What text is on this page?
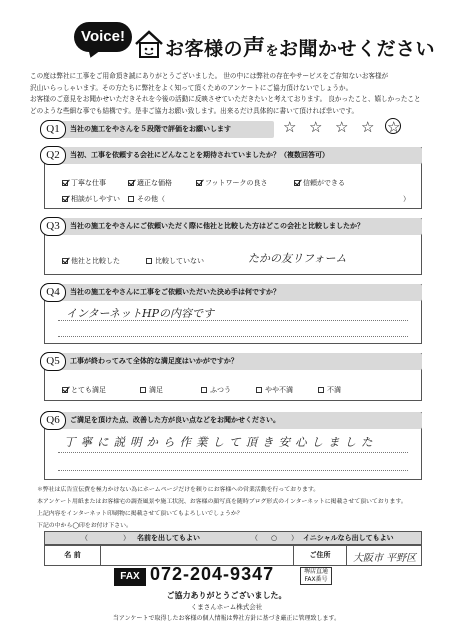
Voice!
お客様の声をお聞かせください
この度は弊社に工事をご用命頂き誠にありがとうございました。 世の中には弊社の存在やサービスをご存知ないお客様が
沢山いらっしゃいます。その方たちに弊社をよく知って頂くためのアンケートにご協力頂けないでしょうか。
お客様のご意見をお聞かせいただきそれを今後の活動に反映させていただきたいと考えております。 良かったこと、嬉しかったこと
どのような些細な事でも結構です。是非ご協力お願い致します。出来るだけ具体的に書いて頂ければ幸いです。
Q1	当社の施工をやさんを５段階で評価をお願いします	☆ ☆ ☆ ☆ ☆
Q2	当初、工事を依頼する会社にどんなことを期待されていましたか？（複数回答可）
丁寧な仕事	適正な価格	フットワークの良さ	信頼ができる
相談がしやすい	その他（	）
Q3	当社の施工をやさんにご依頼いただく際に他社と比較した方はどこの会社と比較しましたか？
他社と比較した	比較していない	たかの友リフォーム
Q4	当社の施工をやさんに工事をご依頼いただいた決め手は何ですか？
インターネットHPの内容です
Q5	工事が終わってみて全体的な満足度はいかがですか？
とても満足	満足	ふつう	やや不満	不満
Q6	ご満足を頂けた点、改善した方が良い点などをお聞かせください。
丁寧に説明から作業して頂き安心しました
＊弊社は広告宣伝費を極力かけない為にホームページだけを頼りにお客様への営業活動を行っております。
本アンケート用紙またはお客様宅の調査風景や施工状況、お客様の顔写真を随時ブログ形式のインターネットに掲載させて頂いております。
上記内容をインターネット印刷物に掲載させて頂いてもよろしいでしょうか？
下記の中から◯印をお付け下さい。
（	） 名前を出してもよい	（ ○ ） イニシャルなら出してもよい
名 前	ご住所	大阪市 平野区
FAX 072-204-9347	堺店直通
FAX番号
ご協力ありがとうございました。
くまさんホーム株式会社
当アンケートで取得したお客様の個人情報は弊社方針に基づき厳正に管理致します。
